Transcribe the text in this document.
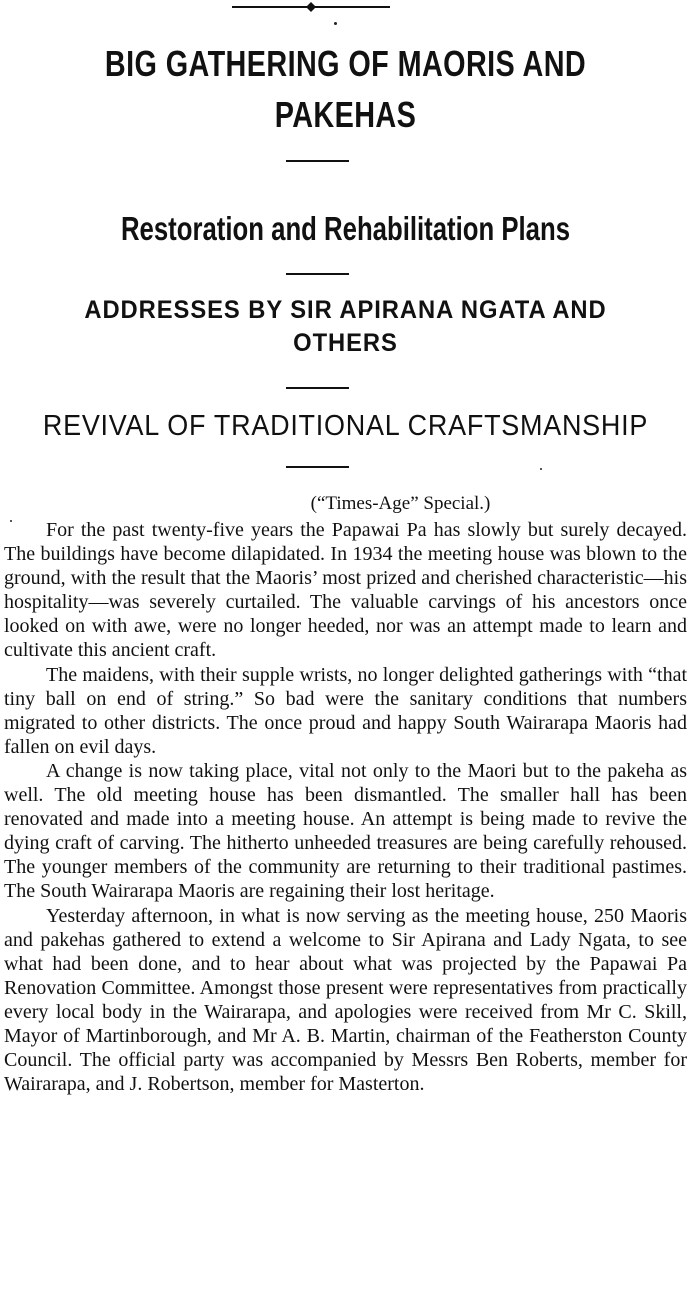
BIG GATHERING OF MAORIS AND PAKEHAS
Restoration and Rehabilitation Plans
ADDRESSES BY SIR APIRANA NGATA AND OTHERS
REVIVAL OF TRADITIONAL CRAFTSMANSHIP
(“Times-Age” Special.)

For the past twenty-five years the Papawai Pa has slowly but surely decayed. The buildings have become dilapidated. In 1934 the meeting house was blown to the ground, with the result that the Maoris’ most prized and cherished characteristic—his hospitality—was severely curtailed. The valuable carvings of his ancestors once looked on with awe, were no longer heeded, nor was an attempt made to learn and cultivate this ancient craft.

The maidens, with their supple wrists, no longer delighted gatherings with “that tiny ball on end of string.” So bad were the sanitary conditions that numbers migrated to other districts. The once proud and happy South Wairarapa Maoris had fallen on evil days.

A change is now taking place, vital not only to the Maori but to the pakeha as well. The old meeting house has been dismantled. The smaller hall has been renovated and made into a meeting house. An attempt is being made to revive the dying craft of carving. The hitherto unheeded treasures are being carefully rehoused. The younger members of the community are returning to their traditional pastimes. The South Wairarapa Maoris are regaining their lost heritage.

Yesterday afternoon, in what is now serving as the meeting house, 250 Maoris and pakehas gathered to extend a welcome to Sir Apirana and Lady Ngata, to see what had been done, and to hear about what was projected by the Papawai Pa Renovation Committee. Amongst those present were representatives from practically every local body in the Wairarapa, and apologies were received from Mr C. Skill, Mayor of Martinborough, and Mr A. B. Martin, chairman of the Featherston County Council. The official party was accompanied by Messrs Ben Roberts, member for Wairarapa, and J. Robertson, member for Masterton.
